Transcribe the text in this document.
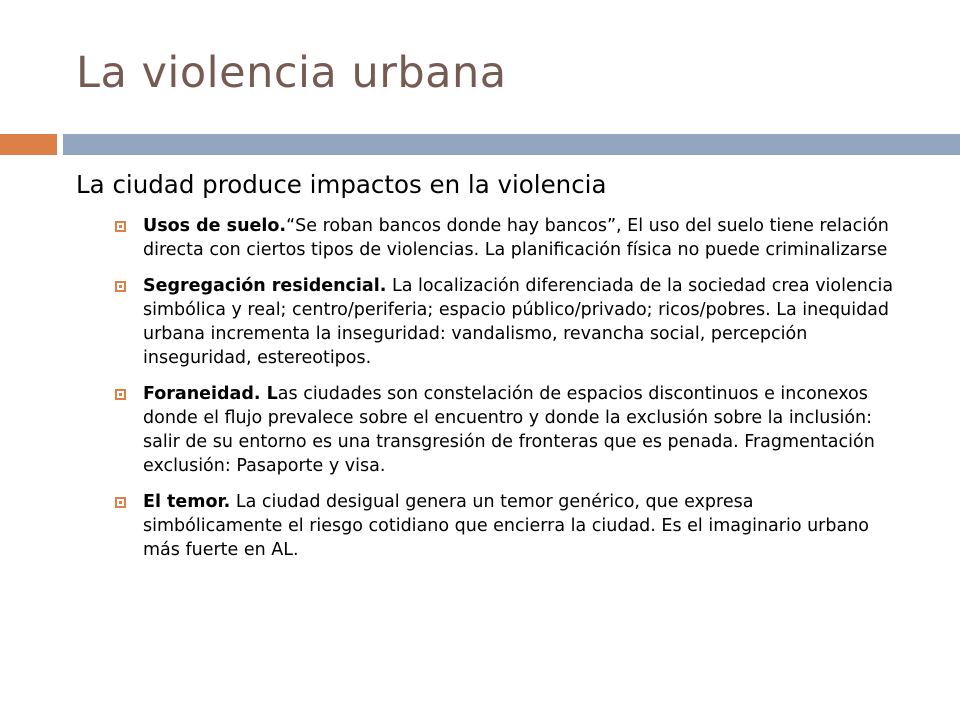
La violencia urbana
La ciudad produce impactos en la violencia
Usos de suelo.“Se roban bancos donde hay bancos”, El uso del suelo tiene relación directa con ciertos tipos de violencias. La planificación física no puede criminalizarse
Segregación residencial. La localización diferenciada de la sociedad crea violencia simbólica y real; centro/periferia; espacio público/privado; ricos/pobres. La inequidad urbana incrementa la inseguridad: vandalismo, revancha social, percepción inseguridad, estereotipos.
Foraneidad. Las ciudades son constelación de espacios discontinuos e inconexos donde el flujo prevalece sobre el encuentro y donde la exclusión sobre la inclusión: salir de su entorno es una transgresión de fronteras que es penada. Fragmentación exclusión: Pasaporte y visa.
El temor. La ciudad desigual genera un temor genérico, que expresa simbólicamente el riesgo cotidiano que encierra la ciudad. Es el imaginario urbano más fuerte en AL.
